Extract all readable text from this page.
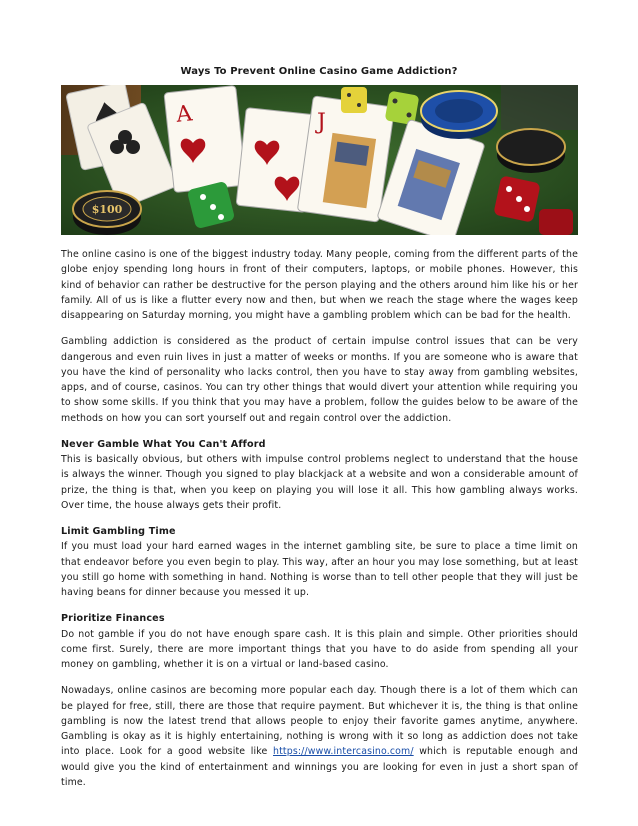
Ways To Prevent Online Casino Game Addiction?
$100
A	J

The online casino is one of the biggest industry today. Many people, coming from the different parts of the globe enjoy spending long hours in front of their computers, laptops, or mobile phones. However, this kind of behavior can rather be destructive for the person playing and the others around him like his or her family. All of us is like a flutter every now and then, but when we reach the stage where the wages keep disappearing on Saturday morning, you might have a gambling problem which can be bad for the health.

Gambling addiction is considered as the product of certain impulse control issues that can be very dangerous and even ruin lives in just a matter of weeks or months. If you are someone who is aware that you have the kind of personality who lacks control, then you have to stay away from gambling websites, apps, and of course, casinos. You can try other things that would divert your attention while requiring you to show some skills. If you think that you may have a problem, follow the guides below to be aware of the methods on how you can sort yourself out and regain control over the addiction.

Never Gamble What You Can't Afford

This is basically obvious, but others with impulse control problems neglect to understand that the house is always the winner. Though you signed to play blackjack at a website and won a considerable amount of prize, the thing is that, when you keep on playing you will lose it all. This how gambling always works. Over time, the house always gets their profit.

Limit Gambling Time

If you must load your hard earned wages in the internet gambling site, be sure to place a time limit on that endeavor before you even begin to play. This way, after an hour you may lose something, but at least you still go home with something in hand. Nothing is worse than to tell other people that they will just be having beans for dinner because you messed it up.

Prioritize Finances

Do not gamble if you do not have enough spare cash. It is this plain and simple. Other priorities should come first. Surely, there are more important things that you have to do aside from spending all your money on gambling, whether it is on a virtual or land-based casino.

Nowadays, online casinos are becoming more popular each day. Though there is a lot of them which can be played for free, still, there are those that require payment. But whichever it is, the thing is that online gambling is now the latest trend that allows people to enjoy their favorite games anytime, anywhere. Gambling is okay as it is highly entertaining, nothing is wrong with it so long as addiction does not take into place. Look for a good website like https://www.intercasino.com/ which is reputable enough and would give you the kind of entertainment and winnings you are looking for even in just a short span of time.
